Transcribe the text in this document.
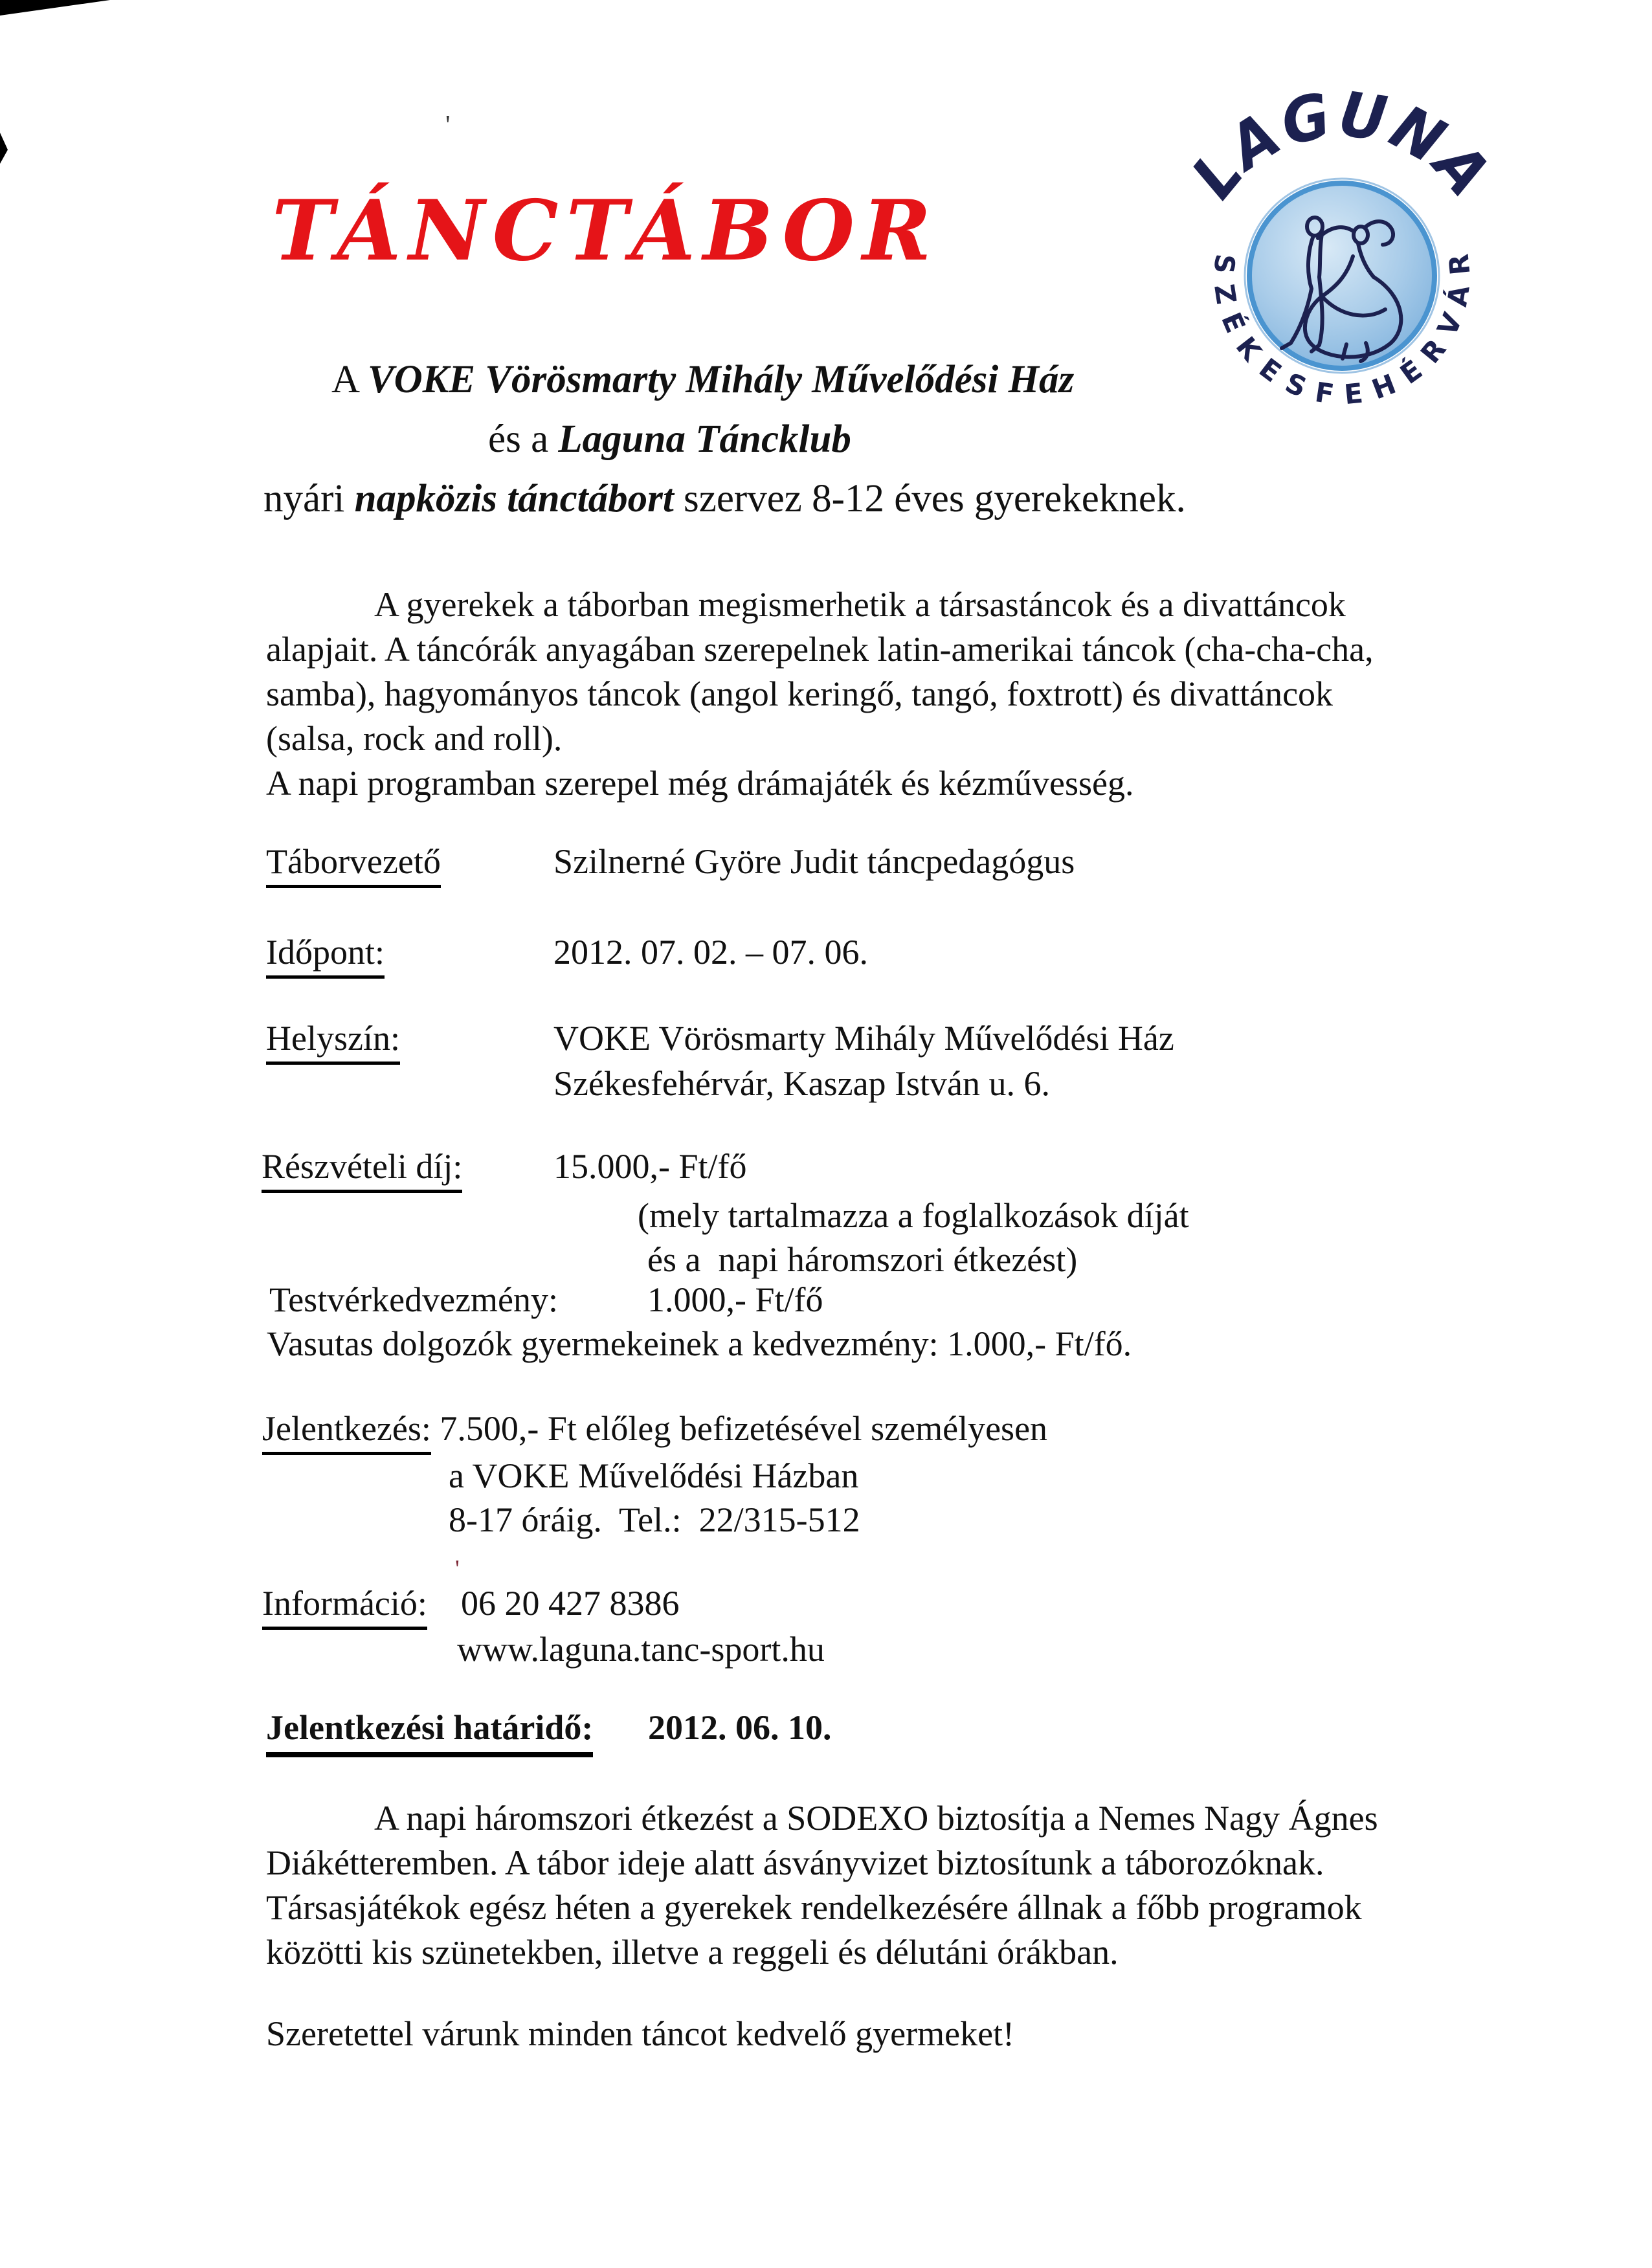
'
TÁNCTÁBOR
LAGUNA
SZÉKESFEHÉRVÁR
A VOKE Vörösmarty Mihály Művelődési Ház
és a Laguna Táncklub
nyári napközis tánctábort szervez 8-12 éves gyerekeknek.
A gyerekek a táborban megismerhetik a társastáncok és a divattáncok
alapjait. A táncórák anyagában szerepelnek latin-amerikai táncok (cha-cha-cha,
samba), hagyományos táncok (angol keringő, tangó, foxtrott) és divattáncok
(salsa, rock and roll).
A napi programban szerepel még drámajáték és kézművesség.
Táborvezető	Szilnerné Györe Judit táncpedagógus
Időpont:	2012. 07. 02. – 07. 06.
Helyszín:	VOKE Vörösmarty Mihály Művelődési Ház
Székesfehérvár, Kaszap István u. 6.
Részvételi díj:	15.000,- Ft/fő
(mely tartalmazza a foglalkozások díját
és a  napi háromszori étkezést)
Testvérkedvezmény:	1.000,- Ft/fő
Vasutas dolgozók gyermekeinek a kedvezmény: 1.000,- Ft/fő.
Jelentkezés: 7.500,- Ft előleg befizetésével személyesen
a VOKE Művelődési Házban
8-17 óráig.  Tel.:  22/315-512
'
Információ: 06 20 427 8386
www.laguna.tanc-sport.hu
Jelentkezési határidő: 2012. 06. 10.
A napi háromszori étkezést a SODEXO biztosítja a Nemes Nagy Ágnes
Diákétteremben. A tábor ideje alatt ásványvizet biztosítunk a táborozóknak.
Társasjátékok egész héten a gyerekek rendelkezésére állnak a főbb programok
közötti kis szünetekben, illetve a reggeli és délutáni órákban.
Szeretettel várunk minden táncot kedvelő gyermeket!
